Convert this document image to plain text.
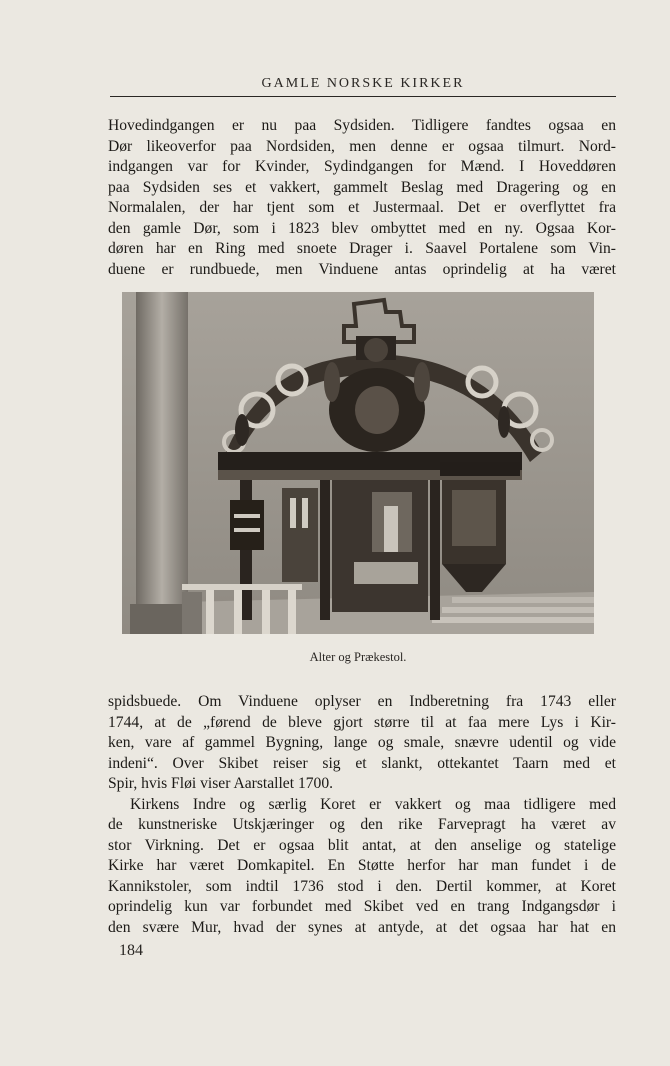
GAMLE NORSKE KIRKER
Hovedindgangen er nu paa Sydsiden. Tidligere fandtes ogsaa en
Dør likeoverfor paa Nordsiden, men denne er ogsaa tilmurt. Nord-
indgangen var for Kvinder, Sydindgangen for Mænd. I Hoveddøren
paa Sydsiden ses et vakkert, gammelt Beslag med Dragering og en
Normalalen, der har tjent som et Justermaal. Det er overflyttet fra
den gamle Dør, som i 1823 blev ombyttet med en ny. Ogsaa Kor-
døren har en Ring med snoete Drager i. Saavel Portalene som Vin-
duene er rundbuede, men Vinduene antas oprindelig at ha været
Alter og Prækestol.
spidsbuede. Om Vinduene oplyser en Indberetning fra 1743 eller
1744, at de „førend de bleve gjort større til at faa mere Lys i Kir-
ken, vare af gammel Bygning, lange og smale, snævre udentil og vide
indeni“. Over Skibet reiser sig et slankt, ottekantet Taarn med et
Spir, hvis Fløi viser Aarstallet 1700.
Kirkens Indre og særlig Koret er vakkert og maa tidligere med
de kunstneriske Utskjæringer og den rike Farvepragt ha været av
stor Virkning. Det er ogsaa blit antat, at den anselige og statelige
Kirke har været Domkapitel. En Støtte herfor har man fundet i de
Kannikstoler, som indtil 1736 stod i den. Dertil kommer, at Koret
oprindelig kun var forbundet med Skibet ved en trang Indgangsdør i
den svære Mur, hvad der synes at antyde, at det ogsaa har hat en
184
